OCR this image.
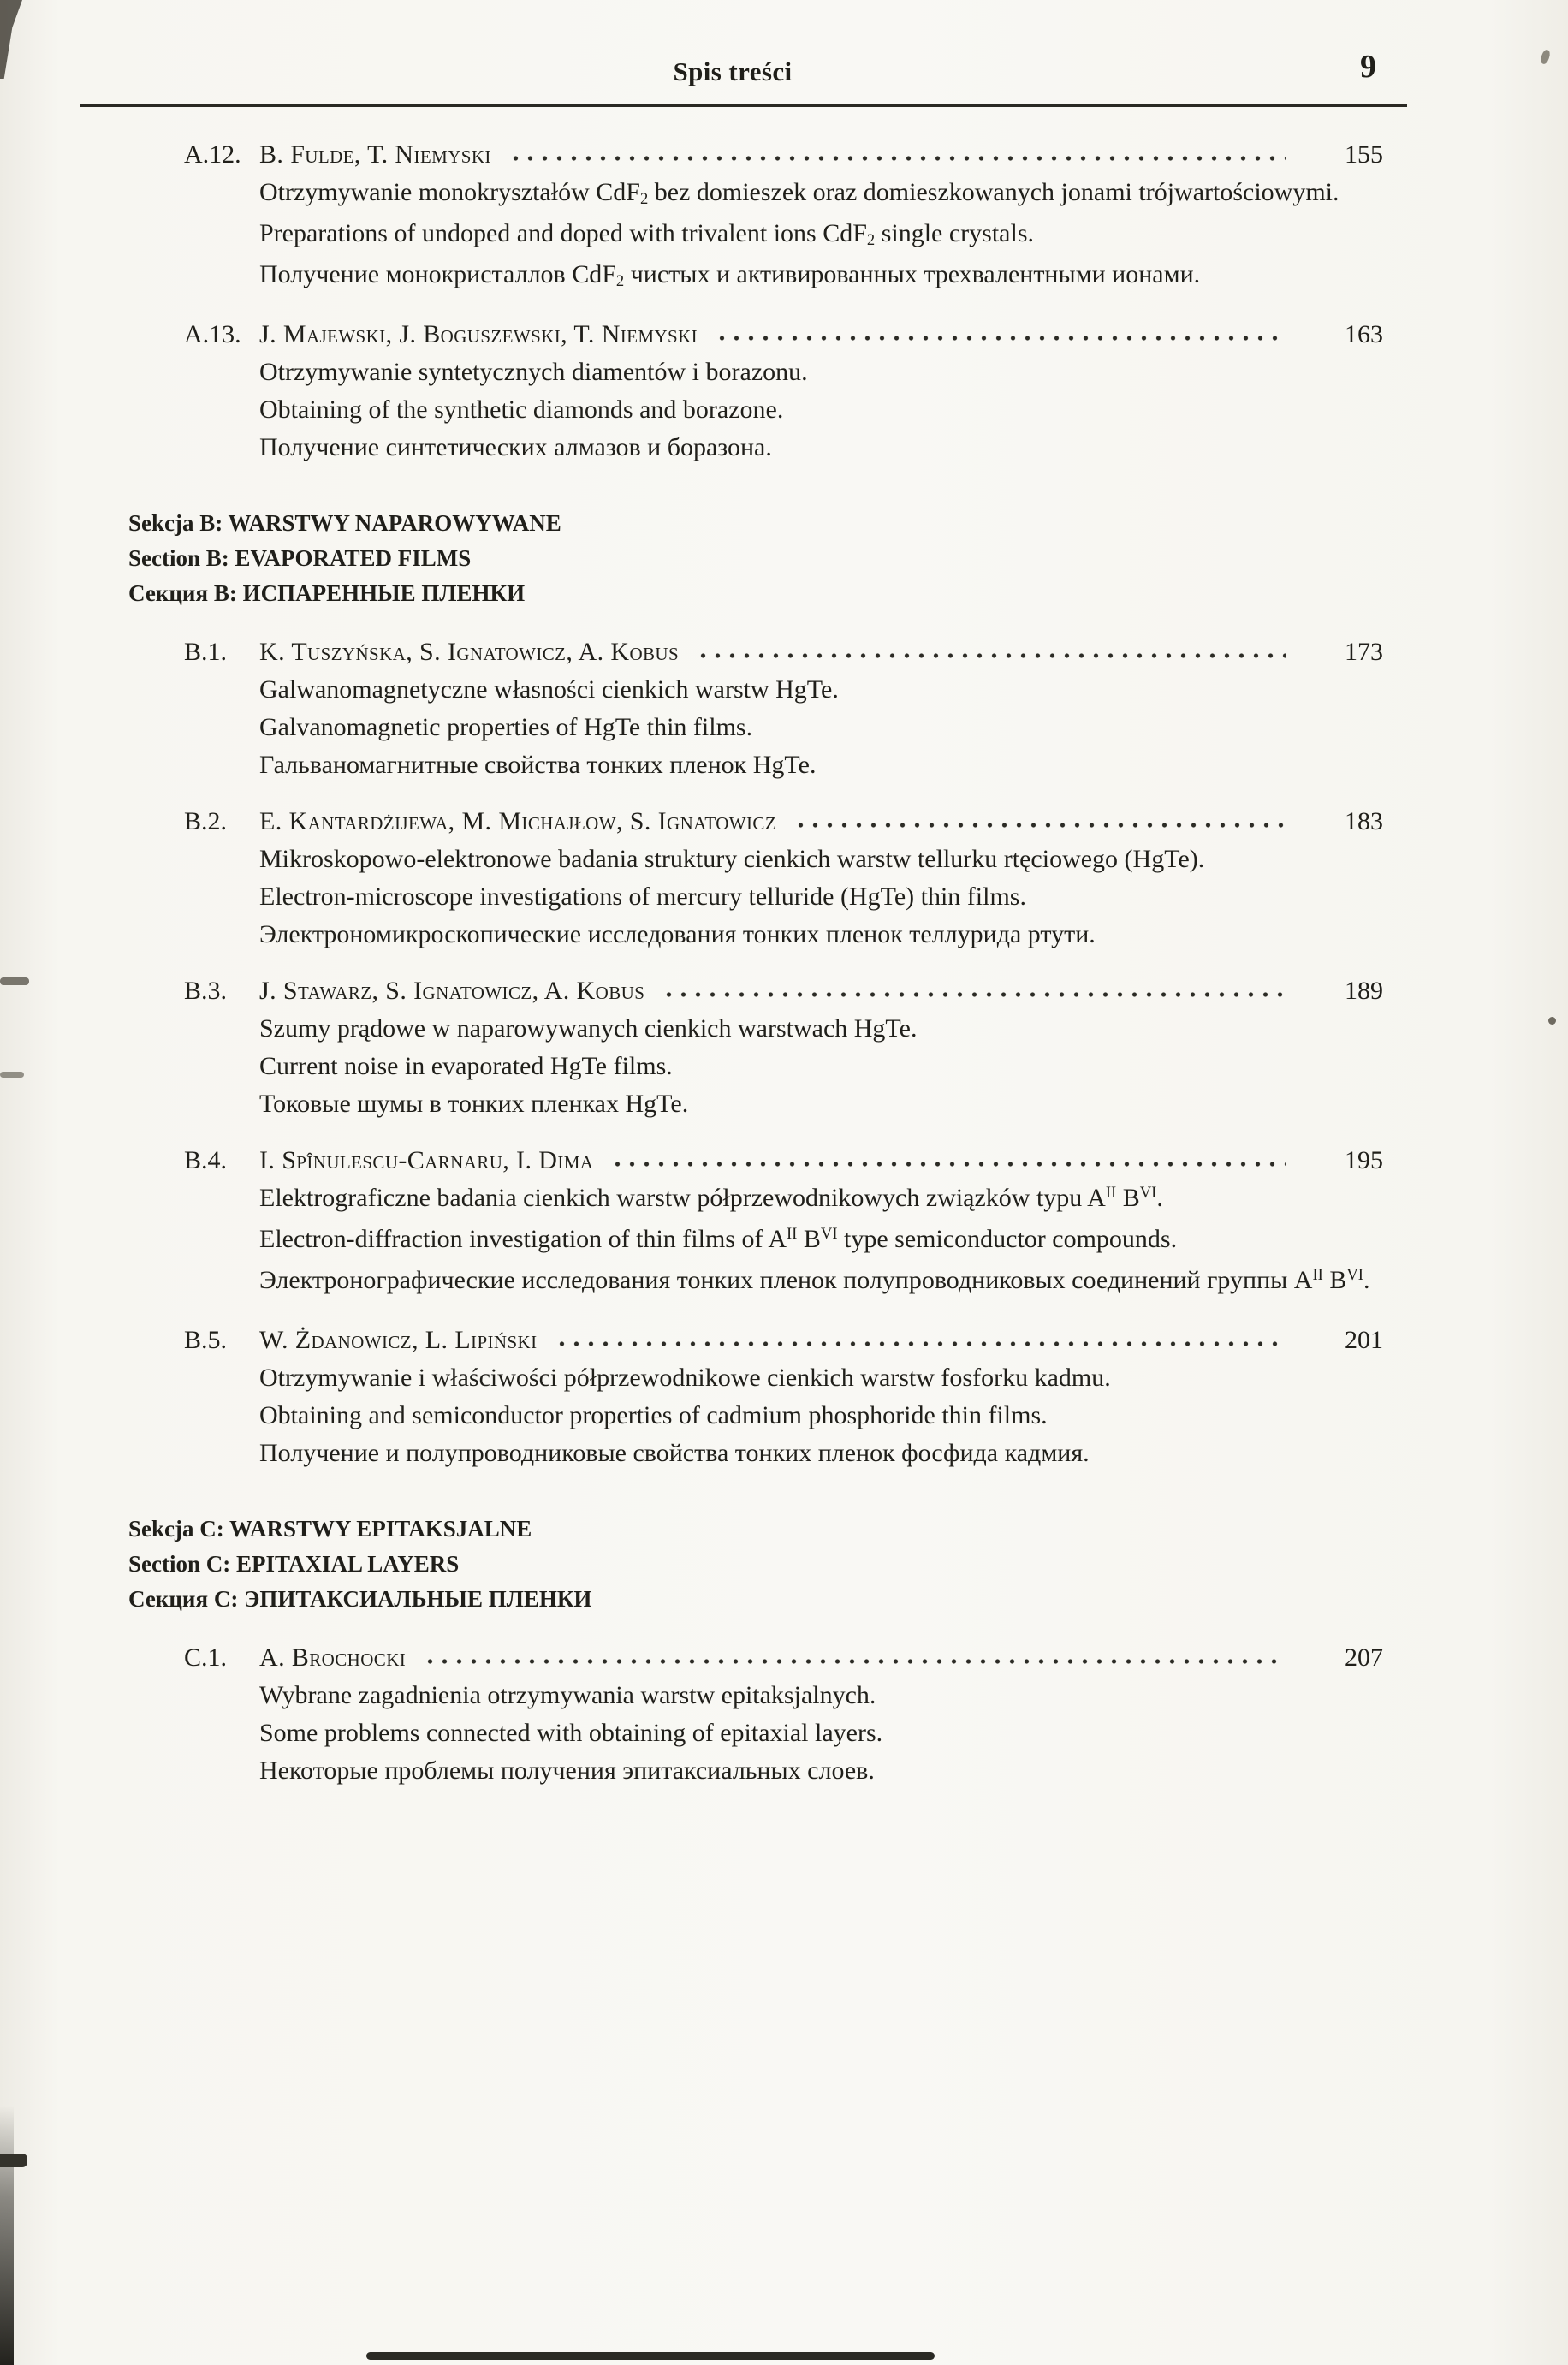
Spis treści	9
A.12. B. Fulde, T. Niemyski	155
Otrzymywanie monokryształów CdF$_2$ bez domieszek oraz domieszkowanych jonami trójwartościowymi.
Preparations of undoped and doped with trivalent ions CdF$_2$ single crystals.
Получение монокристаллов CdF$_2$ чистых и активированных трехвалентными ионами.
A.13. J. Majewski, J. Boguszewski, T. Niemyski	163
Otrzymywanie syntetycznych diamentów i borazonu.
Obtaining of the synthetic diamonds and borazone.
Получение синтетических алмазов и боразона.
Sekcja B: WARSTWY NAPAROWYWANE
Section B: EVAPORATED FILMS
Секция B: ИСПАРЕННЫЕ ПЛЕНКИ
B.1.	K. Tuszyńska, S. Ignatowicz, A. Kobus	173
Galwanomagnetyczne własności cienkich warstw HgTe.
Galvanomagnetic properties of HgTe thin films.
Гальваномагнитные свойства тонких пленок HgTe.
B.2.	E. Kantardżijewa, M. Michajłow, S. Ignatowicz	183
Mikroskopowo-elektronowe badania struktury cienkich warstw tellurku rtęciowego (HgTe).
Electron-microscope investigations of mercury telluride (HgTe) thin films.
Электрономикроскопические исследования тонких пленок теллурида ртути.
B.3.	J. Stawarz, S. Ignatowicz, A. Kobus	189
Szumy prądowe w naparowywanych cienkich warstwach HgTe.
Current noise in evaporated HgTe films.
Токовые шумы в тонких пленках HgTe.
B.4.	I. Spînulescu-Carnaru, I. Dima	195
Elektrograficzne badania cienkich warstw półprzewodnikowych związków typu $A^{II}$ $B^{VI}$.
Electron-diffraction investigation of thin films of $A^{II}$ $B^{VI}$ type semiconductor compounds.
Электронографические исследования тонких пленок полупроводниковых соединений группы $A^{II}$ $B^{VI}$.
B.5.	W. Żdanowicz, L. Lipiński	201
Otrzymywanie i właściwości półprzewodnikowe cienkich warstw fosforku kadmu.
Obtaining and semiconductor properties of cadmium phosphoride thin films.
Получение и полупроводниковые свойства тонких пленок фосфида кадмия.
Sekcja C: WARSTWY EPITAKSJALNE
Section C: EPITAXIAL LAYERS
Секция C: ЭПИТАКСИАЛЬНЫЕ ПЛЕНКИ
C.1.	A. Brochocki	207
Wybrane zagadnienia otrzymywania warstw epitaksjalnych.
Some problems connected with obtaining of epitaxial layers.
Некоторые проблемы получения эпитаксиальных слоев.
